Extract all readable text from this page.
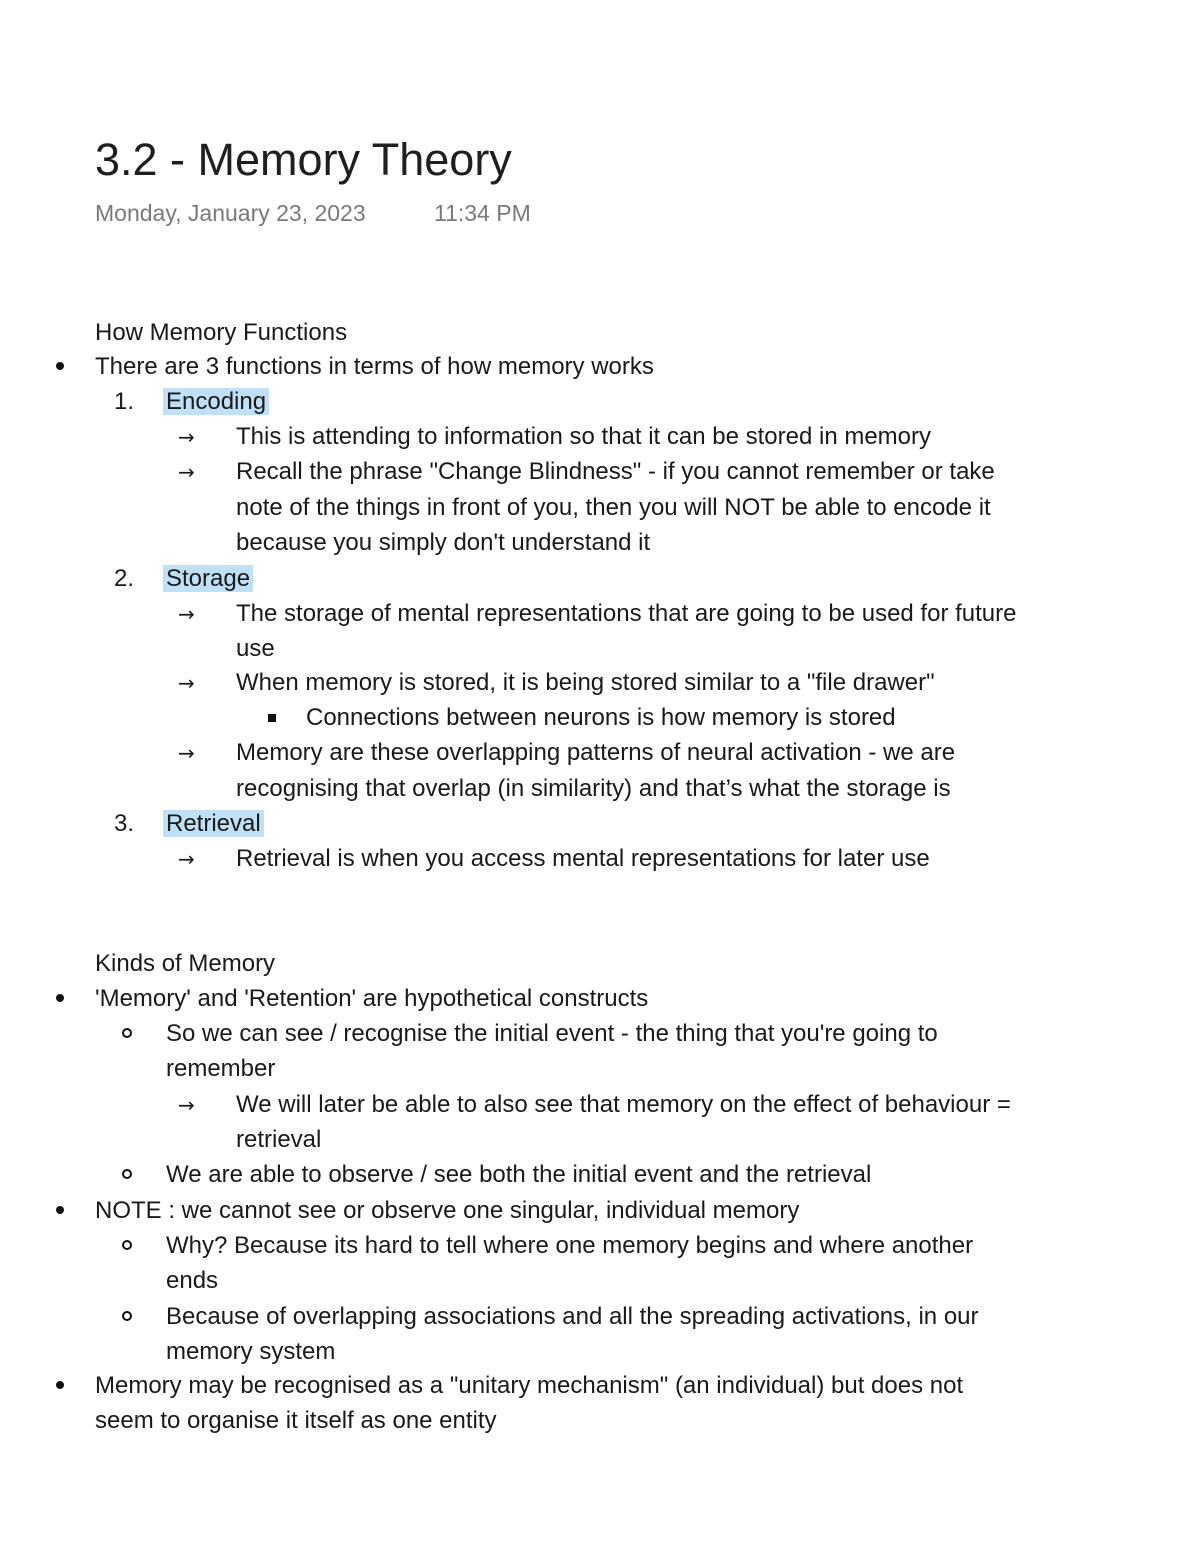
3.2 - Memory Theory
Monday, January 23, 2023	11:34 PM
How Memory Functions
There are 3 functions in terms of how memory works
1. Encoding
→ This is attending to information so that it can be stored in memory
→ Recall the phrase "Change Blindness" - if you cannot remember or take
note of the things in front of you, then you will NOT be able to encode it
because you simply don't understand it
2. Storage
→ The storage of mental representations that are going to be used for future
use
→ When memory is stored, it is being stored similar to a "file drawer"
Connections between neurons is how memory is stored
→ Memory are these overlapping patterns of neural activation - we are
recognising that overlap (in similarity) and that’s what the storage is
3. Retrieval
→ Retrieval is when you access mental representations for later use
Kinds of Memory
'Memory' and 'Retention' are hypothetical constructs
So we can see / recognise the initial event - the thing that you're going to
remember
→ We will later be able to also see that memory on the effect of behaviour =
retrieval
We are able to observe / see both the initial event and the retrieval
NOTE : we cannot see or observe one singular, individual memory
Why? Because its hard to tell where one memory begins and where another
ends
Because of overlapping associations and all the spreading activations, in our
memory system
Memory may be recognised as a "unitary mechanism" (an individual) but does not
seem to organise it itself as one entity
